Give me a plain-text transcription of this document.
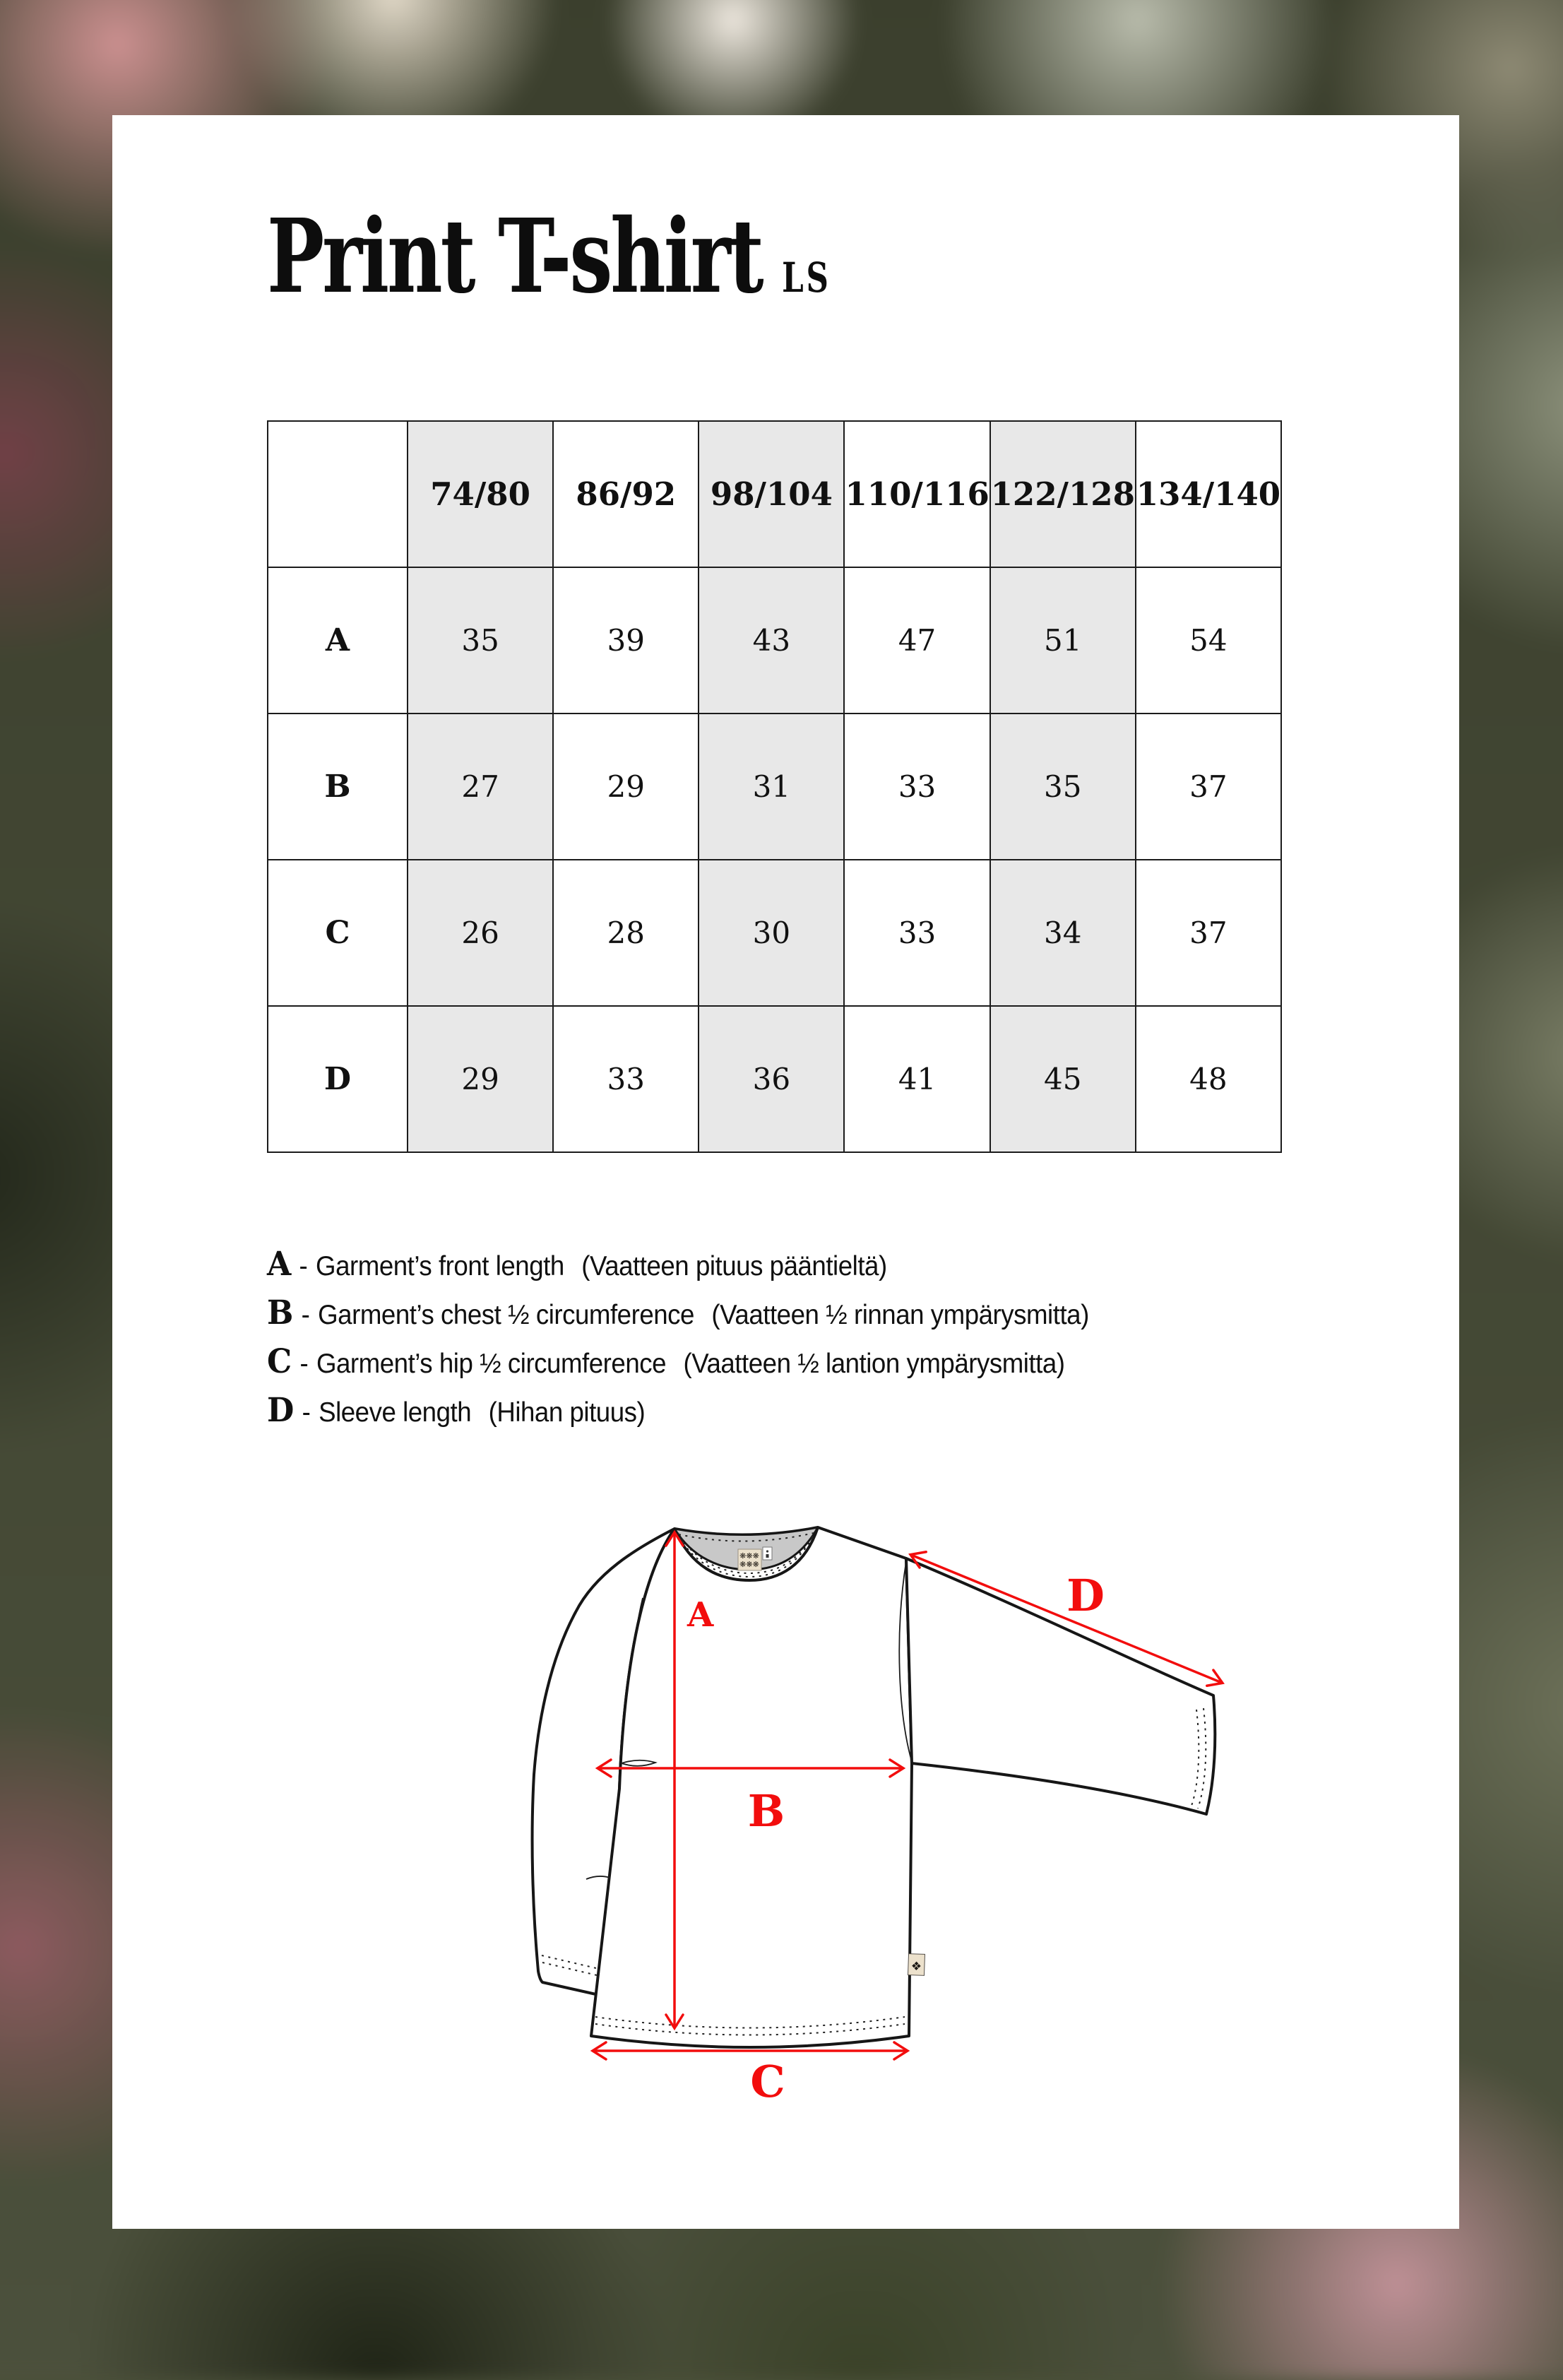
Print T-shirt LS
	74/80	86/92	98/104	110/116	122/128	134/140
A	35	39	43	47	51	54
B	27	29	31	33	35	37
C	26	28	30	33	34	37
D	29	33	36	41	45	48
A - Garment’s front length (Vaatteen pituus pääntieltä)
B - Garment’s chest ½ circumference (Vaatteen ½ rinnan ympärysmitta)
C - Garment’s hip ½ circumference (Vaatteen ½ lantion ympärysmitta)
D - Sleeve length (Hihan pituus)
❋❋❋
❋❋❋
❖
A
B
C
D
